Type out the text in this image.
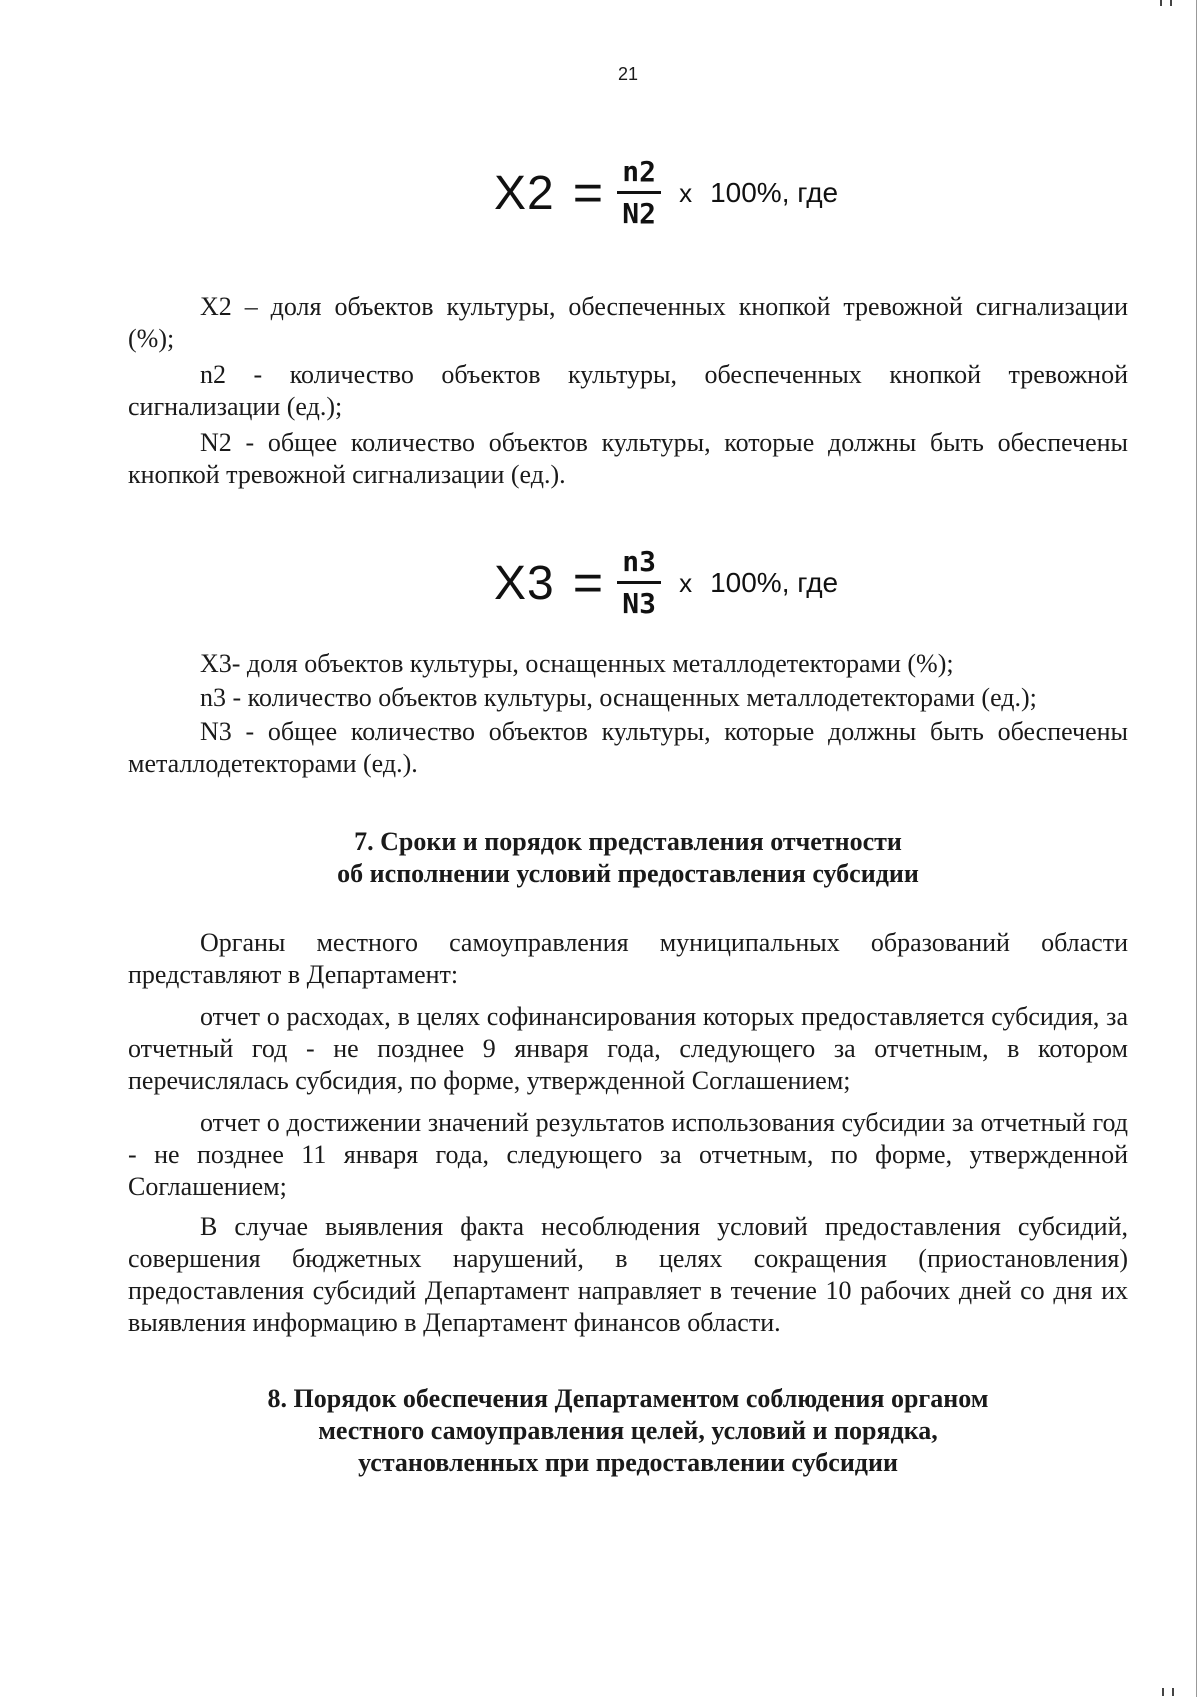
21
$X2 = \frac{n2}{N2}$ x 100%, где

X2 – доля объектов культуры, обеспеченных кнопкой тревожной сигнализации (%);

n2 - количество объектов культуры, обеспеченных кнопкой тревожной сигнализации (ед.);

N2 - общее количество объектов культуры, которые должны быть обеспечены кнопкой тревожной сигнализации (ед.).

$X3 = \frac{n3}{N3}$ x 100%, где

X3- доля объектов культуры, оснащенных металлодетекторами (%);

n3 - количество объектов культуры, оснащенных металлодетекторами (ед.);

N3 - общее количество объектов культуры, которые должны быть обеспечены металлодетекторами (ед.).

7. Сроки и порядок представления отчетности
об исполнении условий предоставления субсидии

Органы местного самоуправления муниципальных образований области представляют в Департамент:

отчет о расходах, в целях софинансирования которых предоставляется субсидия, за отчетный год - не позднее 9 января года, следующего за отчетным, в котором перечислялась субсидия, по форме, утвержденной Соглашением;

отчет о достижении значений результатов использования субсидии за отчетный год - не позднее 11 января года, следующего за отчетным, по форме, утвержденной Соглашением;

В случае выявления факта несоблюдения условий предоставления субсидий, совершения бюджетных нарушений, в целях сокращения (приостановления) предоставления субсидий Департамент направляет в течение 10 рабочих дней со дня их выявления информацию в Департамент финансов области.

8. Порядок обеспечения Департаментом соблюдения органом
местного самоуправления целей, условий и порядка,
установленных при предоставлении субсидии
